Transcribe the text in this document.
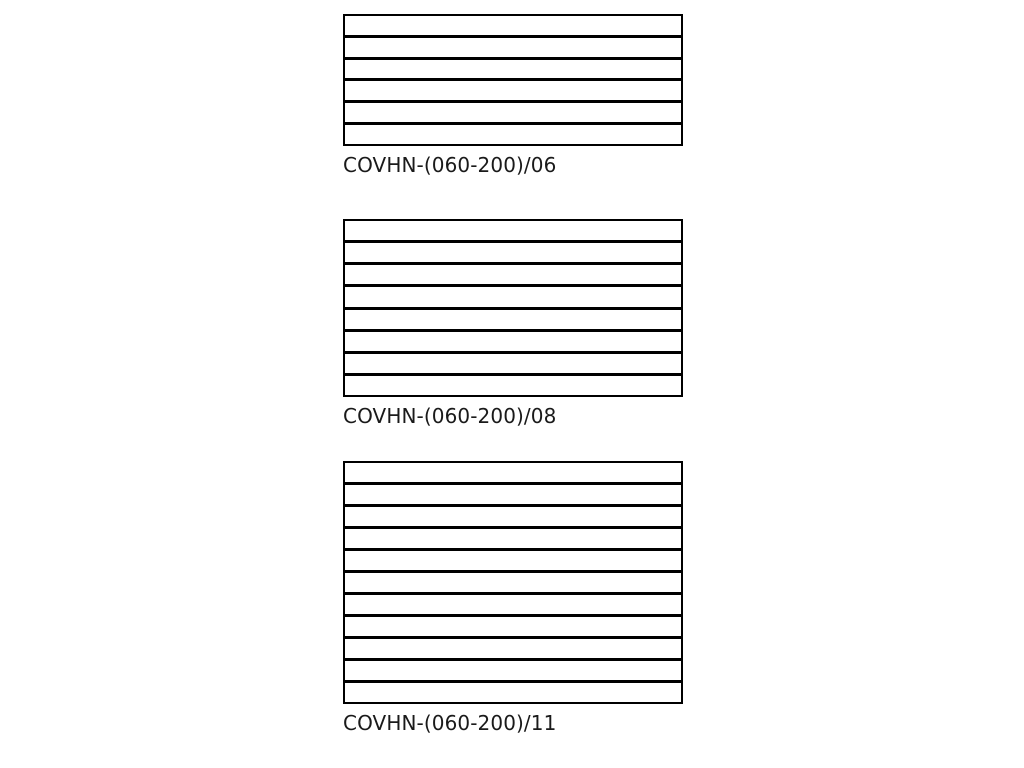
COVHN-(060-200)/06
COVHN-(060-200)/08
COVHN-(060-200)/11
